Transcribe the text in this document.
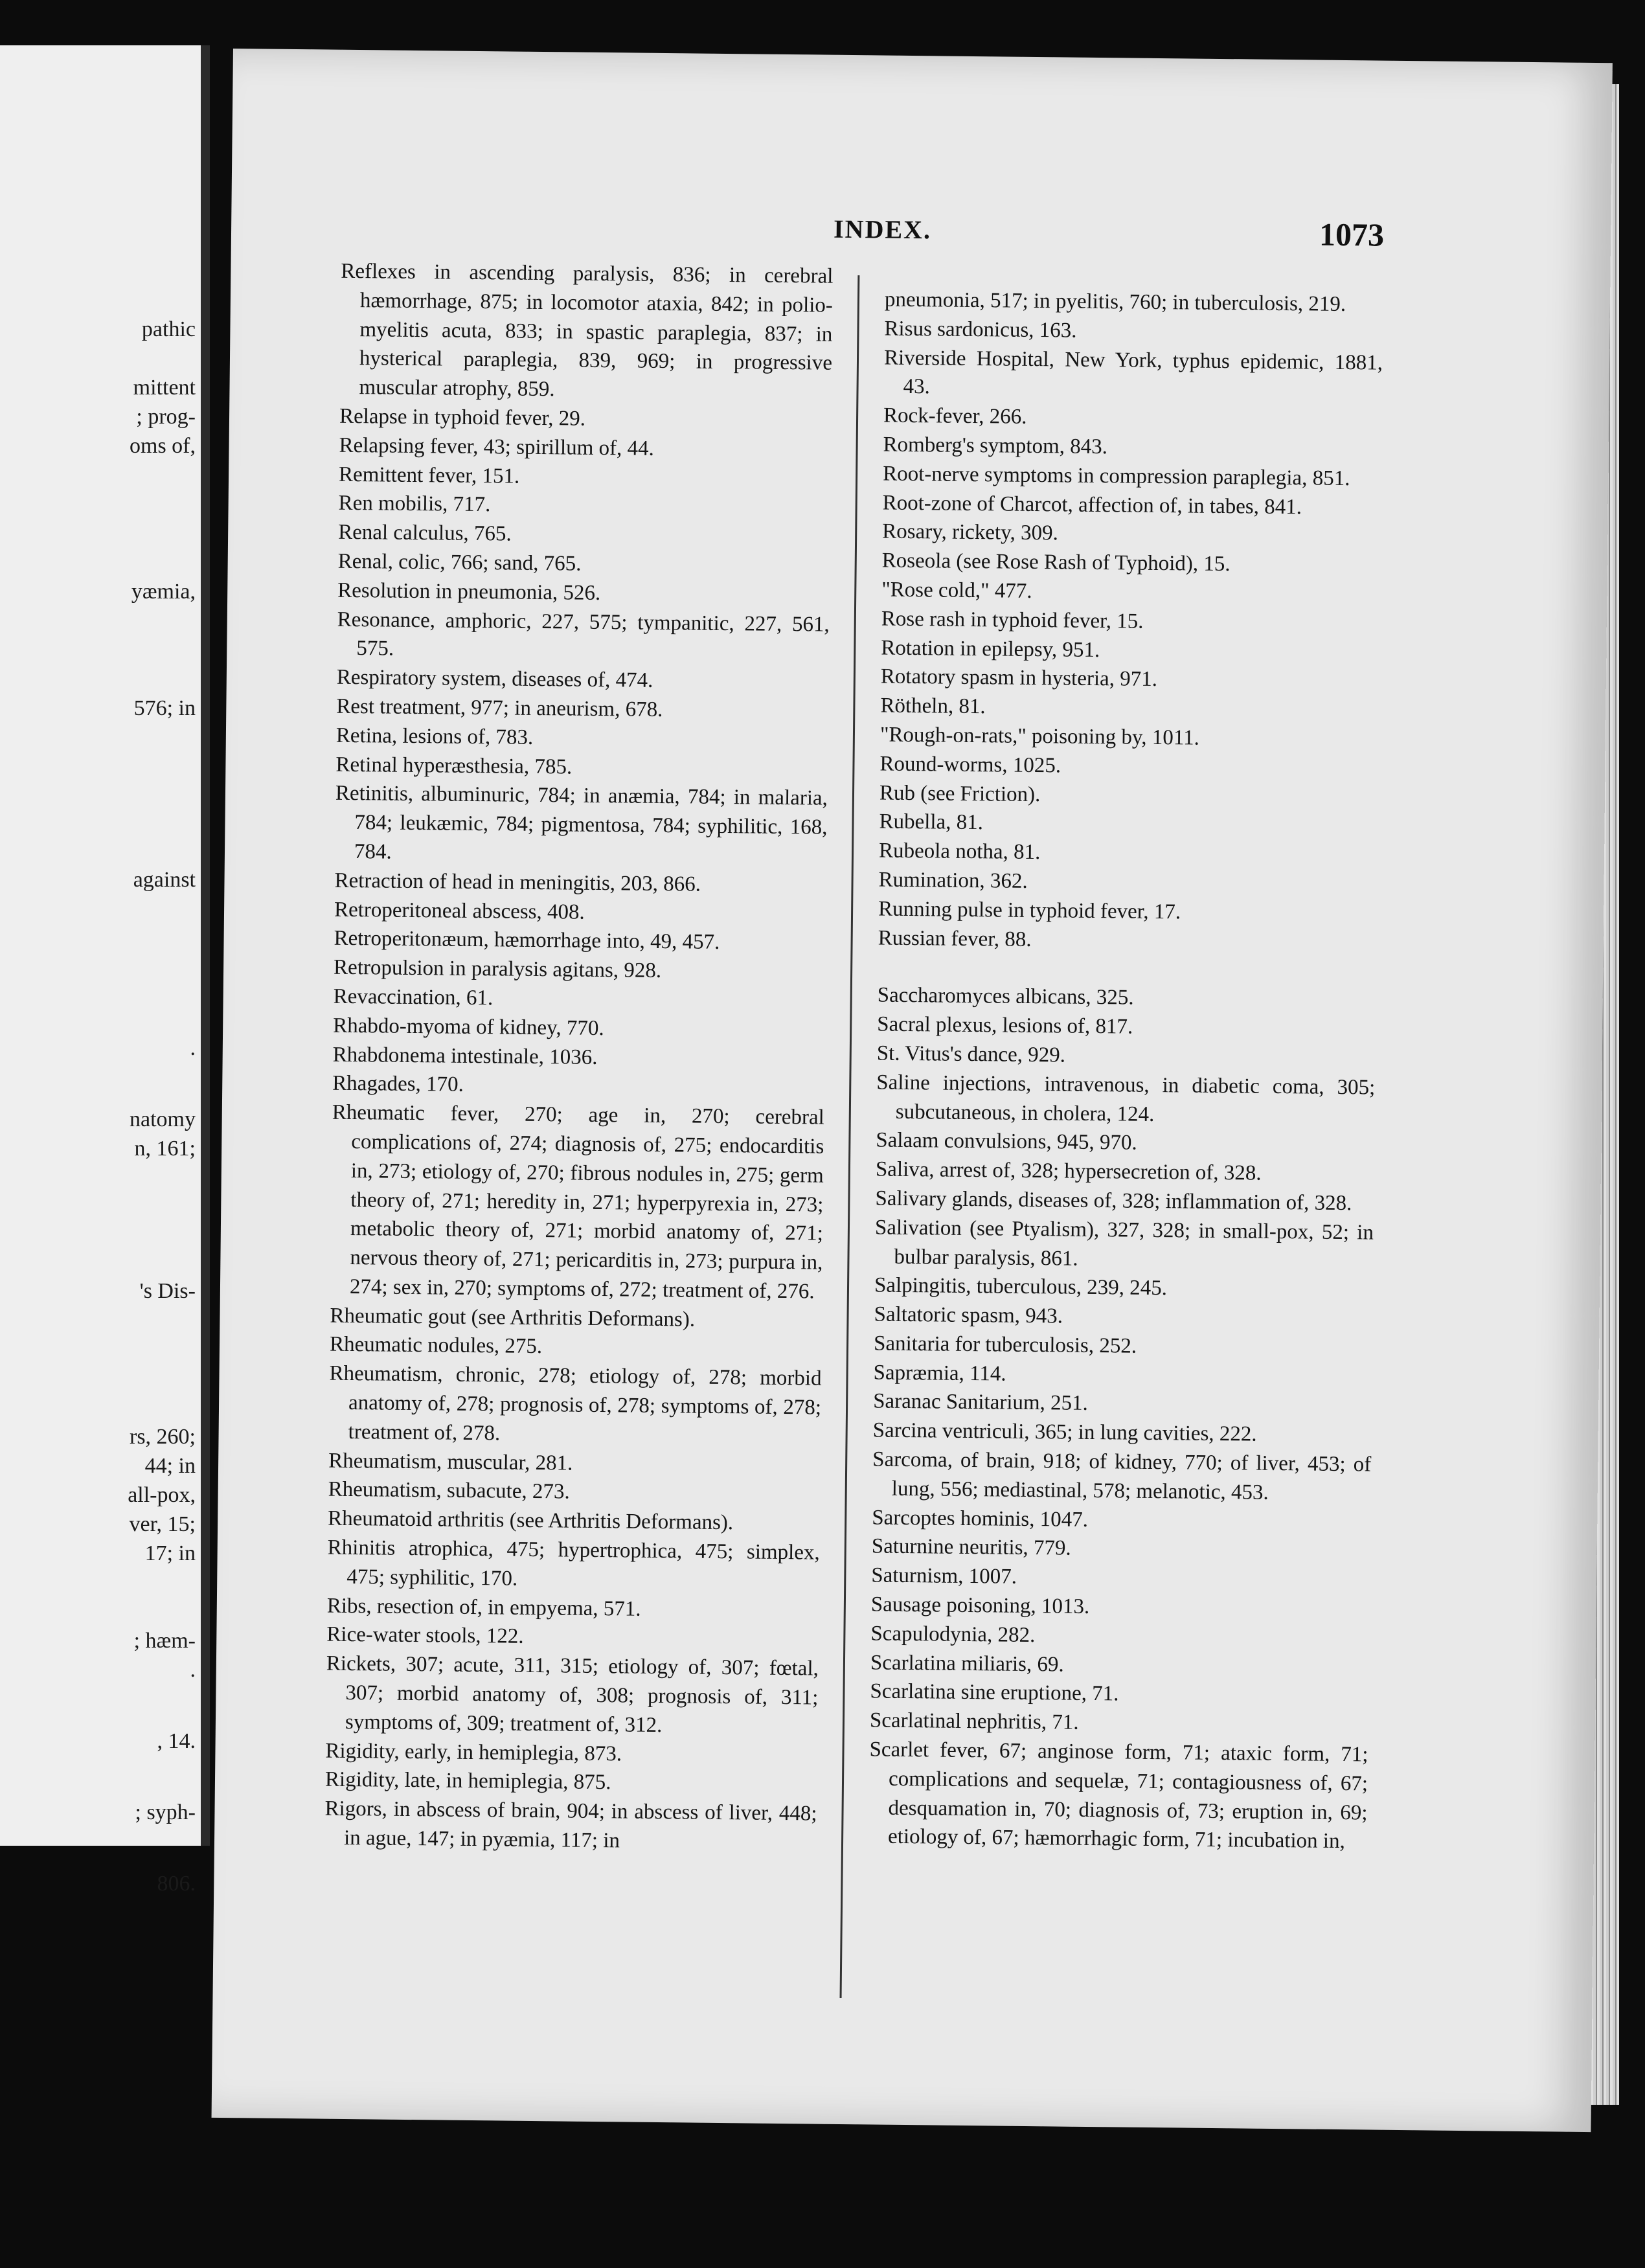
pathic
mittent
; prog-
oms of,
yæmia,
576; in
against
.
natomy
n, 161;
's Dis-
rs, 260;
44; in
all-pox,
ver, 15;
17; in
; hæm-
.
, 14.
; syph-
806.
INDEX.	1073

Reflexes in ascending paralysis, 836; in cerebral hæmorrhage, 875; in locomotor ataxia, 842; in polio-myelitis acuta, 833; in spastic paraplegia, 837; in hysterical paraplegia, 839, 969; in progressive muscular atrophy, 859.

Relapse in typhoid fever, 29.

Relapsing fever, 43; spirillum of, 44.

Remittent fever, 151.

Ren mobilis, 717.

Renal calculus, 765.

Renal, colic, 766; sand, 765.

Resolution in pneumonia, 526.

Resonance, amphoric, 227, 575; tympanitic, 227, 561, 575.

Respiratory system, diseases of, 474.

Rest treatment, 977; in aneurism, 678.

Retina, lesions of, 783.

Retinal hyperæsthesia, 785.

Retinitis, albuminuric, 784; in anæmia, 784; in malaria, 784; leukæmic, 784; pigmentosa, 784; syphilitic, 168, 784.

Retraction of head in meningitis, 203, 866.

Retroperitoneal abscess, 408.

Retroperitonæum, hæmorrhage into, 49, 457.

Retropulsion in paralysis agitans, 928.

Revaccination, 61.

Rhabdo-myoma of kidney, 770.

Rhabdonema intestinale, 1036.

Rhagades, 170.

Rheumatic fever, 270; age in, 270; cerebral complications of, 274; diagnosis of, 275; endocarditis in, 273; etiology of, 270; fibrous nodules in, 275; germ theory of, 271; heredity in, 271; hyperpyrexia in, 273; metabolic theory of, 271; morbid anatomy of, 271; nervous theory of, 271; pericarditis in, 273; purpura in, 274; sex in, 270; symptoms of, 272; treatment of, 276.

Rheumatic gout (see Arthritis Deformans).

Rheumatic nodules, 275.

Rheumatism, chronic, 278; etiology of, 278; morbid anatomy of, 278; prognosis of, 278; symptoms of, 278; treatment of, 278.

Rheumatism, muscular, 281.

Rheumatism, subacute, 273.

Rheumatoid arthritis (see Arthritis Deformans).

Rhinitis atrophica, 475; hypertrophica, 475; simplex, 475; syphilitic, 170.

Ribs, resection of, in empyema, 571.

Rice-water stools, 122.

Rickets, 307; acute, 311, 315; etiology of, 307; fœtal, 307; morbid anatomy of, 308; prognosis of, 311; symptoms of, 309; treatment of, 312.

Rigidity, early, in hemiplegia, 873.

Rigidity, late, in hemiplegia, 875.

Rigors, in abscess of brain, 904; in abscess of liver, 448; in ague, 147; in pyæmia, 117; in

pneumonia, 517; in pyelitis, 760; in tuberculosis, 219.

Risus sardonicus, 163.

Riverside Hospital, New York, typhus epidemic, 1881, 43.

Rock-fever, 266.

Romberg's symptom, 843.

Root-nerve symptoms in compression paraplegia, 851.

Root-zone of Charcot, affection of, in tabes, 841.

Rosary, rickety, 309.

Roseola (see Rose Rash of Typhoid), 15.

"Rose cold," 477.

Rose rash in typhoid fever, 15.

Rotation in epilepsy, 951.

Rotatory spasm in hysteria, 971.

Rötheln, 81.

"Rough-on-rats," poisoning by, 1011.

Round-worms, 1025.

Rub (see Friction).

Rubella, 81.

Rubeola notha, 81.

Rumination, 362.

Running pulse in typhoid fever, 17.

Russian fever, 88.

Saccharomyces albicans, 325.

Sacral plexus, lesions of, 817.

St. Vitus's dance, 929.

Saline injections, intravenous, in diabetic coma, 305; subcutaneous, in cholera, 124.

Salaam convulsions, 945, 970.

Saliva, arrest of, 328; hypersecretion of, 328.

Salivary glands, diseases of, 328; inflammation of, 328.

Salivation (see Ptyalism), 327, 328; in small-pox, 52; in bulbar paralysis, 861.

Salpingitis, tuberculous, 239, 245.

Saltatoric spasm, 943.

Sanitaria for tuberculosis, 252.

Sapræmia, 114.

Saranac Sanitarium, 251.

Sarcina ventriculi, 365; in lung cavities, 222.

Sarcoma, of brain, 918; of kidney, 770; of liver, 453; of lung, 556; mediastinal, 578; melanotic, 453.

Sarcoptes hominis, 1047.

Saturnine neuritis, 779.

Saturnism, 1007.

Sausage poisoning, 1013.

Scapulodynia, 282.

Scarlatina miliaris, 69.

Scarlatina sine eruptione, 71.

Scarlatinal nephritis, 71.

Scarlet fever, 67; anginose form, 71; ataxic form, 71; complications and sequelæ, 71; contagiousness of, 67; desquamation in, 70; diagnosis of, 73; eruption in, 69; etiology of, 67; hæmorrhagic form, 71; incubation in,
